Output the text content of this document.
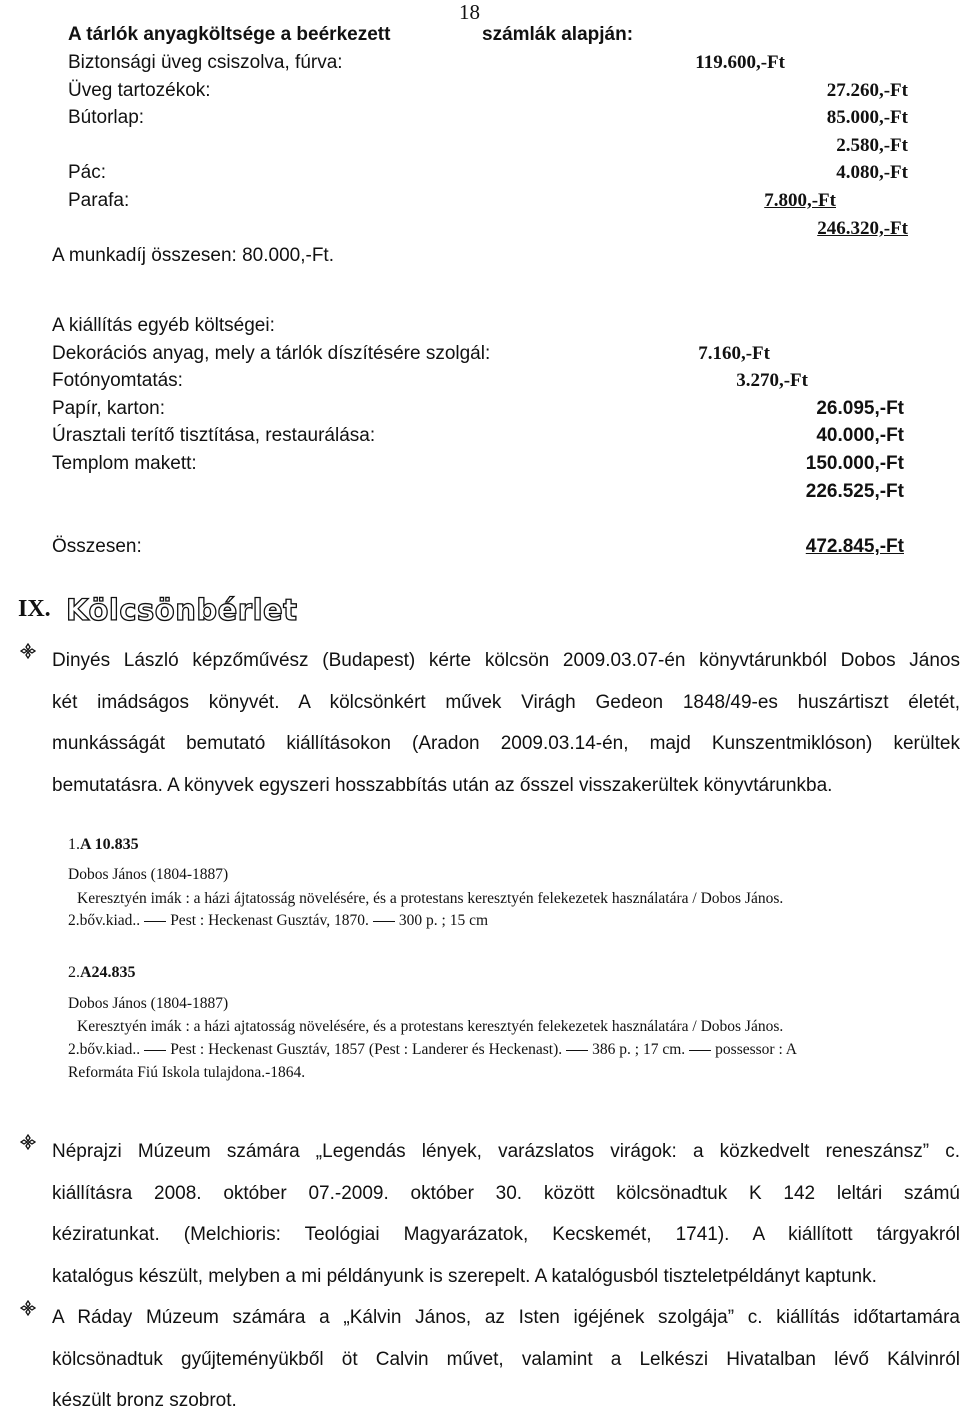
18
A tárlók anyagköltsége a beérkezett	számlák alapján:
Biztonsági üveg csiszolva, fúrva:	119.600,-Ft
Üveg tartozékok:	27.260,-Ft
Bútorlap:	85.000,-Ft
2.580,-Ft
Pác:	4.080,-Ft
Parafa:	7.800,-Ft
246.320,-Ft
A munkadíj összesen: 80.000,-Ft.
A kiállítás egyéb költségei:
Dekorációs anyag, mely a tárlók díszítésére szolgál:	7.160,-Ft
Fotónyomtatás:	3.270,-Ft
Papír, karton:	26.095,-Ft
Úrasztali terítő tisztítása, restaurálása:	40.000,-Ft
Templom makett:	150.000,-Ft
226.525,-Ft
Összesen:	472.845,-Ft
IX. Kölcsönbérlet
Dinyés László képzőművész (Budapest) kérte kölcsön 2009.03.07-én könyvtárunkból Dobos János
két imádságos könyvét. A kölcsönkért művek Virágh Gedeon 1848/49-es huszártiszt életét,
munkásságát bemutató kiállításokon (Aradon 2009.03.14-én, majd Kunszentmiklóson) kerültek
bemutatásra. A könyvek egyszeri hosszabbítás után az ősszel visszakerültek könyvtárunkba.
1.A 10.835
Dobos János (1804-1887)
Keresztyén imák : a házi ájtatosság növelésére, és a protestans keresztyén felekezetek használatára / Dobos János.
2.bőv.kiad.. Pest : Heckenast Gusztáv, 1870. 300 p. ; 15 cm
2.A24.835
Dobos János (1804-1887)
Keresztyén imák : a házi ajtatosság növelésére, és a protestans keresztyén felekezetek használatára / Dobos János.
2.bőv.kiad.. Pest : Heckenast Gusztáv, 1857 (Pest : Landerer és Heckenast). 386 p. ; 17 cm. possessor : A
Reformáta Fiú Iskola tulajdona.-1864.
Néprajzi Múzeum számára „Legendás lények, varázslatos virágok: a közkedvelt reneszánsz” c.
kiállításra 2008. október 07.-2009. október 30. között kölcsönadtuk K 142 leltári számú
kéziratunkat. (Melchioris: Teológiai Magyarázatok, Kecskemét, 1741). A kiállított tárgyakról
katalógus készült, melyben a mi példányunk is szerepelt. A katalógusból tiszteletpéldányt kaptunk.
A Ráday Múzeum számára a „Kálvin János, az Isten igéjének szolgája” c. kiállítás időtartamára
kölcsönadtuk gyűjteményükből öt Calvin művet, valamint a Lelkészi Hivatalban lévő Kálvinról
készült bronz szobrot.
